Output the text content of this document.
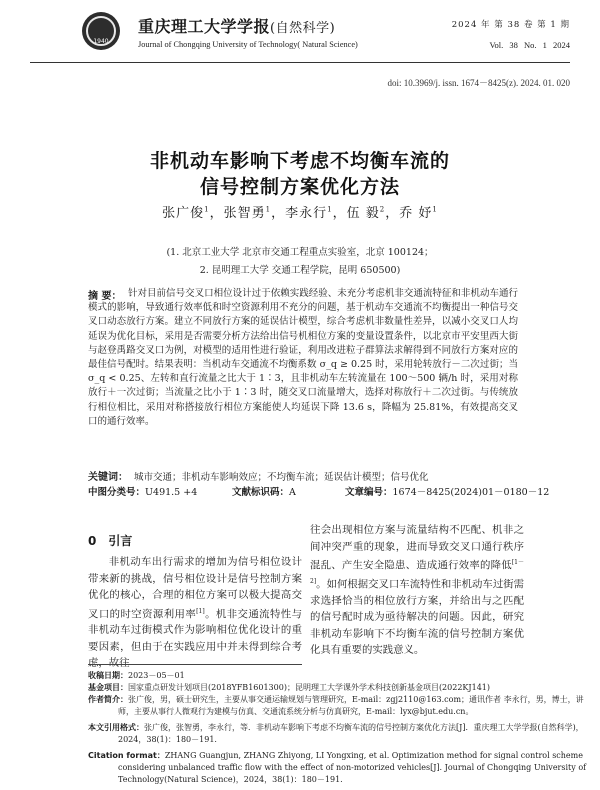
1940
重庆理工大学学报(自然科学)
Journal of Chongqing University of Technology( Natural Science)
2024 年 第 38 卷 第 1 期
Vol. 38 No. 1 2024
doi: 10.3969/j. issn. 1674－8425(z). 2024. 01. 020
非机动车影响下考虑不均衡车流的
信号控制方案优化方法
张广俊$^1$，张智勇$^1$，李永行$^1$，伍 毅$^2$，乔 妤$^1$
(1. 北京工业大学 北京市交通工程重点实验室，北京 100124；
2. 昆明理工大学 交通工程学院，昆明 650500)
摘 要： 针对目前信号交叉口相位设计过于依赖实践经验、未充分考虑机非交通流特征和非机动车通行模式的影响，导致通行效率低和时空资源利用不充分的问题，基于机动车交通流不均衡提出一种信号交叉口动态放行方案。建立不同放行方案的延误估计模型，综合考虑机非数量性差异，以减小交叉口人均延误为优化目标，采用是否需要分析方法给出信号机相位方案的变量设置条件，以北京市平安里西大街与赵登禹路交叉口为例，对模型的适用性进行验证，利用改进粒子群算法求解得到不同放行方案对应的最佳信号配时。结果表明：当机动车交通流不均衡系数 σ_q ≥ 0.25 时，采用轮转放行－二次过街；当 σ_q < 0.25、左转和直行流量之比大于 1∶3，且非机动车左转流量在 100～500 辆/h 时，采用对称放行＋一次过街；当流量之比小于 1∶3 时，随交叉口流量增大，选择对称放行＋二次过街。与传统放行相位相比，采用对称搭接放行相位方案能使人均延误下降 13.6 s，降幅为 25.81%，有效提高交叉口的通行效率。
关键词： 城市交通；非机动车影响效应；不均衡车流；延误估计模型；信号优化
中图分类号：U491.5 +4	文献标识码：A	文章编号：1674－8425(2024)01－0180－12
0 引言

非机动车出行需求的增加为信号相位设计带来新的挑战，信号相位设计是信号控制方案优化的核心，合理的相位方案可以极大提高交叉口的时空资源利用率[1]。机非交通流特性与非机动车过街模式作为影响相位优化设计的重要因素，但由于在实践应用中并未得到综合考虑，故往

往会出现相位方案与流量结构不匹配、机非之间冲突严重的现象，进而导致交叉口通行秩序混乱、产生安全隐患、造成通行效率的降低[1－2]。如何根据交叉口车流特性和非机动车过街需求选择恰当的相位放行方案，并给出与之匹配的信号配时成为亟待解决的问题。因此，研究非机动车影响下不均衡车流的信号控制方案优化具有重要的实践意义。

收稿日期：2023－05－01
基金项目：国家重点研发计划项目(2018YFB1601300)；昆明理工大学课外学术科技创新基金项目(2022KJ141)
作者简介：张广俊，男，硕士研究生，主要从事交通运输规划与管理研究，E-mail：zgj2110@163.com；通讯作者 李永行，男，博士，讲师，主要从事行人微观行为建模与仿真、交通流系统分析与仿真研究，E-mail：lyx@bjut.edu.cn。
本文引用格式：张广俊，张智勇，李永行，等．非机动车影响下考虑不均衡车流的信号控制方案优化方法[J]．重庆理工大学学报(自然科学)，2024，38(1)：180－191.
Citation format：ZHANG Guangjun, ZHANG Zhiyong, LI Yongxing, et al. Optimization method for signal control scheme considering unbalanced traffic flow with the effect of non-motorized vehicles[J]. Journal of Chongqing University of Technology(Natural Science)，2024，38(1)：180－191.
